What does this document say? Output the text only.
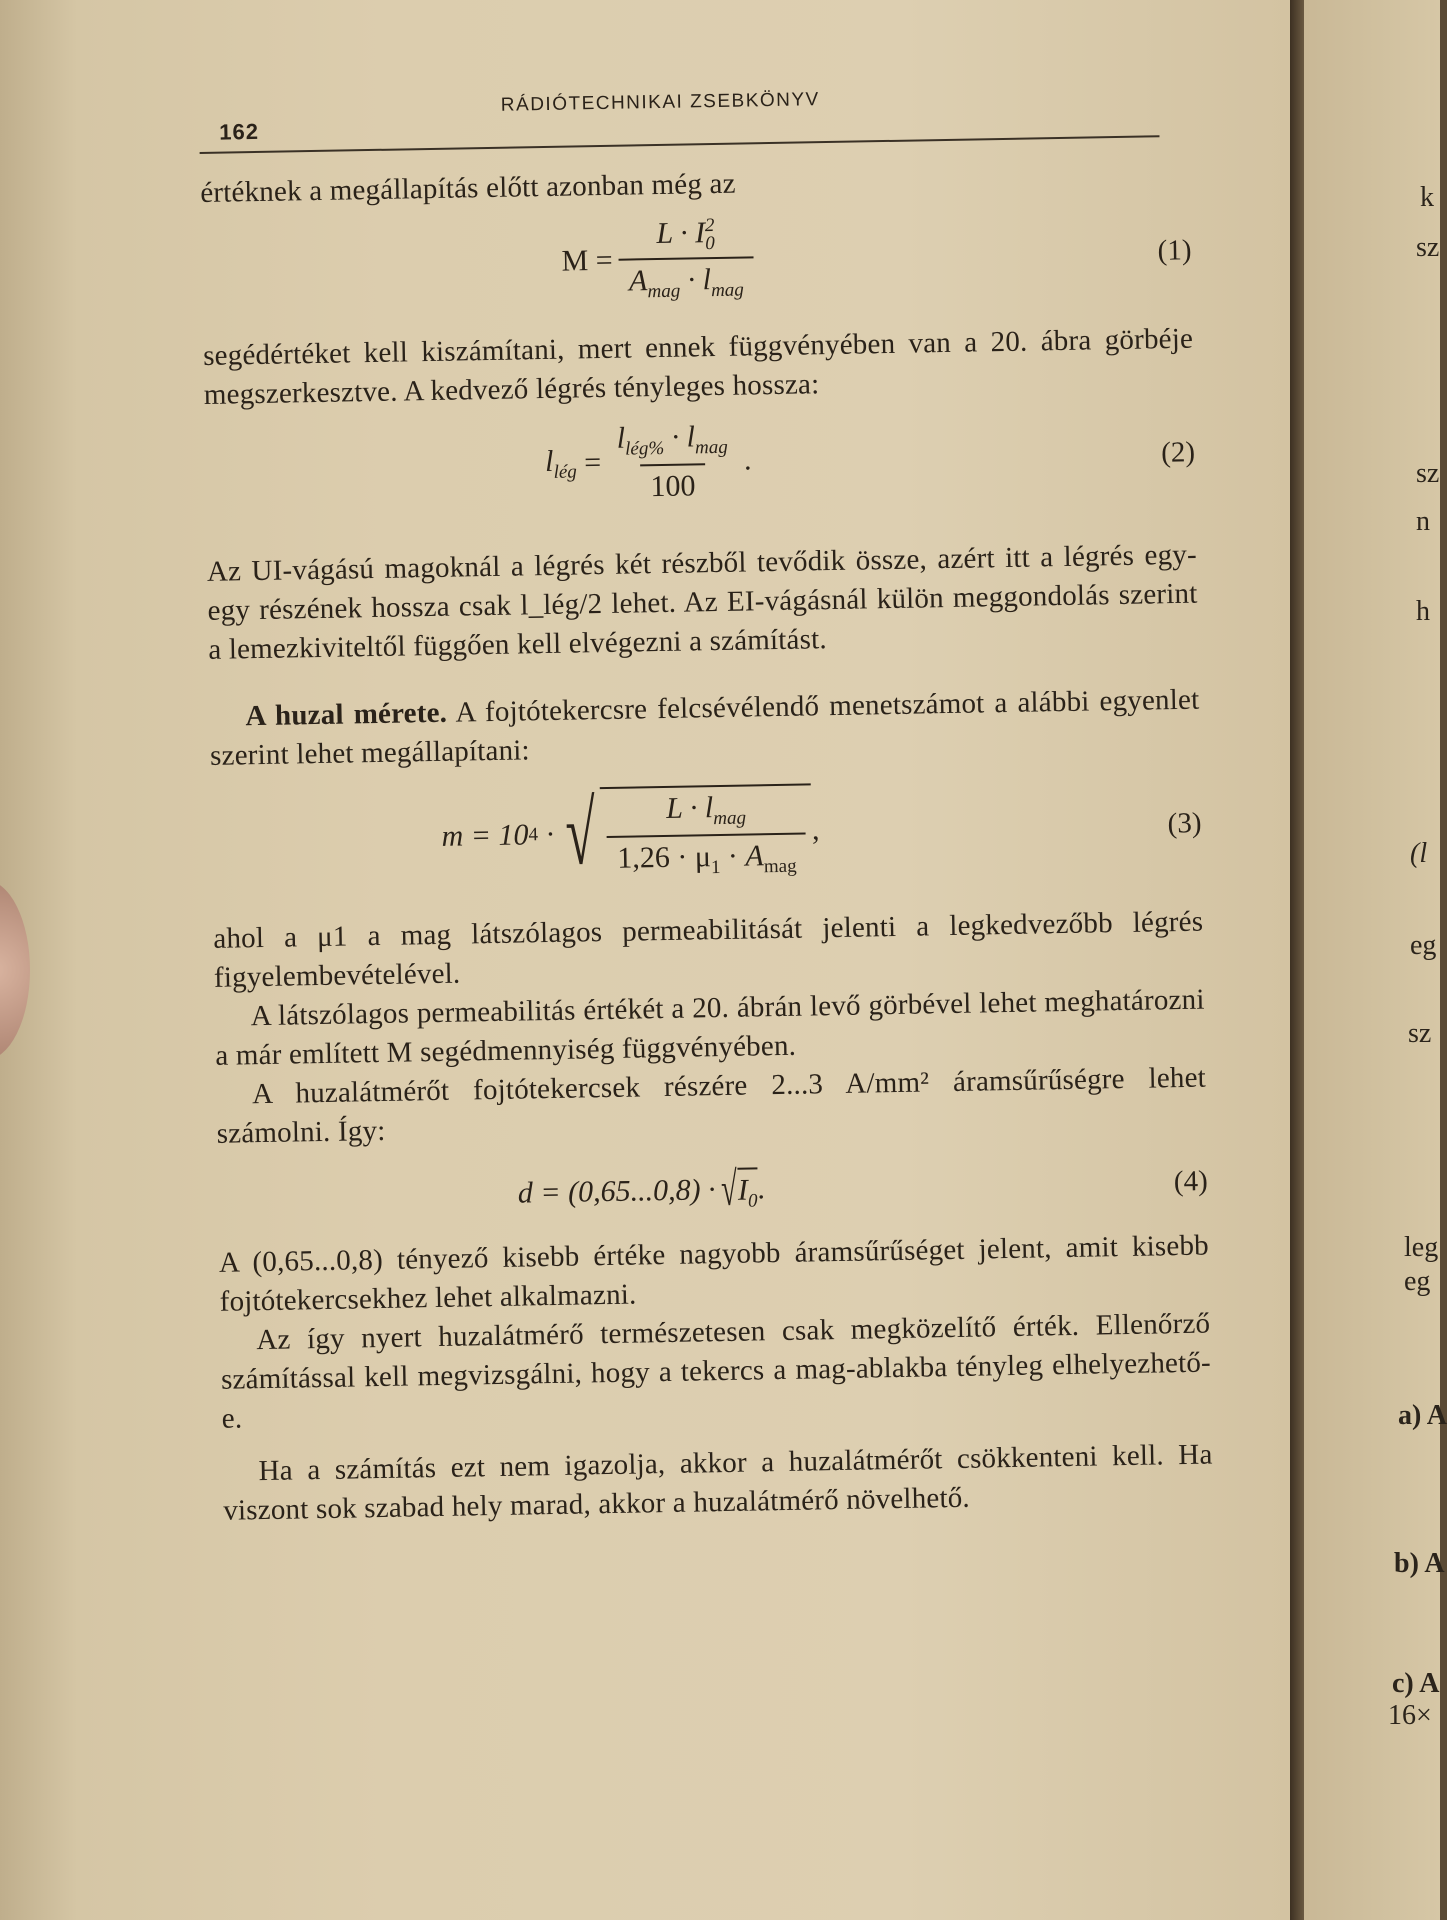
162
RÁDIÓTECHNIKAI ZSEBKÖNYV

értéknek a megállapítás előtt azonban még az

M = L · I 2
0
$A_{mag} \cdot l_{mag}$	(1)

segédértéket kell kiszámítani, mert ennek függvényében van a 20. ábra görbéje megszerkesztve. A kedvező légrés tényleges hossza:

$l_{lég} = \frac{l_{lég\%} \cdot l_{mag}}{100}$ .	(2)

Az UI-vágású magoknál a légrés két részből tevődik össze, azért itt a légrés egy-egy részének hossza csak l_lég/2 lehet. Az EI-vágásnál külön meggondolás szerint a lemezkiviteltől függően kell elvégezni a számítást.

A huzal mérete. A fojtótekercsre felcsévélendő menetszámot a alábbi egyenlet szerint lehet megállapítani:

m = 10 4 · √ $\frac{L \cdot l_{mag}}{1,26 \cdot \mu_1 \cdot A_{mag}}$ ,	(3)

ahol a μ1 a mag látszólagos permeabilitását jelenti a legkedvezőbb légrés figyelembevételével.

A látszólagos permeabilitás értékét a 20. ábrán levő görbével lehet meghatározni a már említett M segédmennyiség függvényében.

A huzalátmérőt fojtótekercsek részére 2...3 A/mm² áramsűrűségre lehet számolni. Így:

d = (0,65...0,8) · √ $I_0$ .	(4)

A (0,65...0,8) tényező kisebb értéke nagyobb áramsűrűséget jelent, amit kisebb fojtótekercsekhez lehet alkalmazni.

Az így nyert huzalátmérő természetesen csak megközelítő érték. Ellenőrző számítással kell megvizsgálni, hogy a tekercs a mag-ablakba tényleg elhelyezhető-e.

Ha a számítás ezt nem igazolja, akkor a huzalátmérőt csökkenteni kell. Ha viszont sok szabad hely marad, akkor a huzalátmérő növelhető.

k
sz
sz
n
h
(l
eg
sz
leg
eg
a) A
b) A
c) A
16×
